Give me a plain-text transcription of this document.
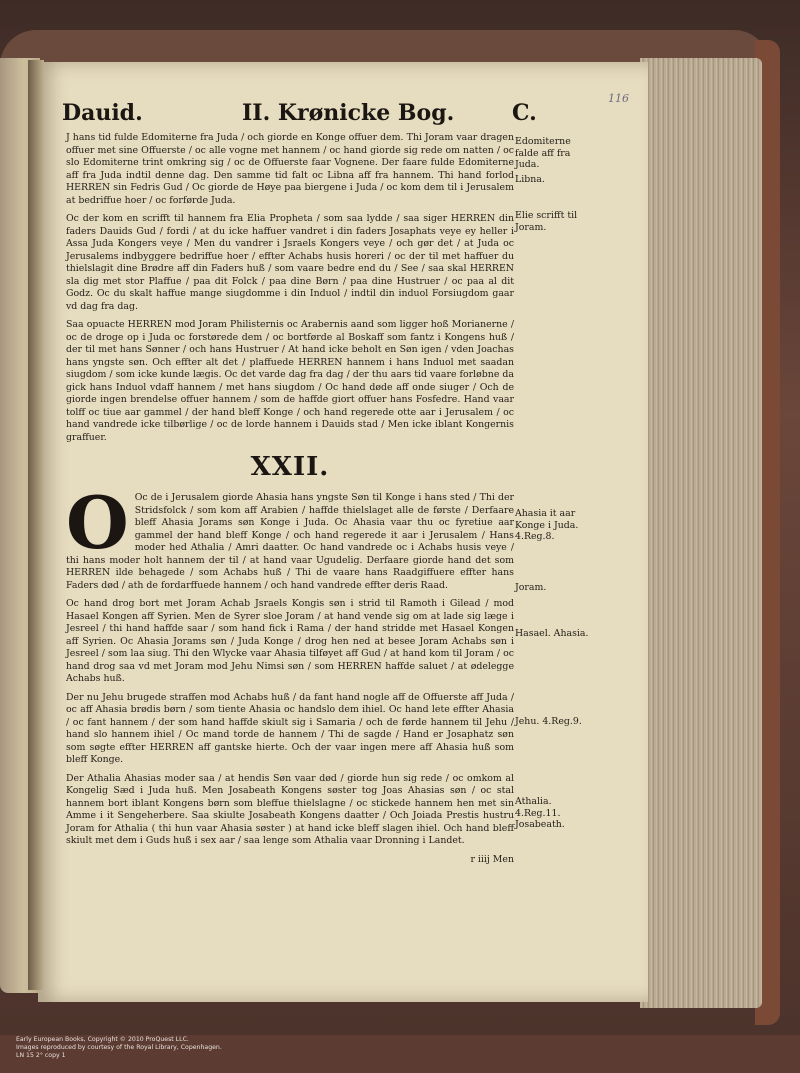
Dauid.	II. Krønicke Bog.	C.
116

J hans tid fulde Edomiterne fra Juda / och giorde en Konge offuer dem. Thi Joram vaar dragen offuer met sine Offuerste / oc alle vogne met hannem / oc hand giorde sig rede om natten / oc slo Edomiterne trint omkring sig / oc de Offuerste faar Vognene. Der faare fulde Edomiterne aff fra Juda indtil denne dag. Den samme tid falt oc Libna aff fra hannem. Thi hand forlod HERREN sin Fedris Gud / Oc giorde de Høye paa biergene i Juda / oc kom dem til i Jerusalem at bedriffue hoer / oc forførde Juda.

Oc der kom en scrifft til hannem fra Elia Propheta / som saa lydde / saa siger HERREN din faders Dauids Gud / fordi / at du icke haffuer vandret i din faders Josaphats veye ey heller i Assa Juda Kongers veye / Men du vandrer i Jsraels Kongers veye / och gør det / at Juda oc Jerusalems indbyggere bedriffue hoer / effter Achabs husis horeri / oc der til met haffuer du thielslagit dine Brødre aff din Faders huß / som vaare bedre end du / See / saa skal HERREN sla dig met stor Plaffue / paa dit Folck / paa dine Børn / paa dine Hustruer / oc paa al dit Godz. Oc du skalt haffue mange siugdomme i din Induol / indtil din induol Forsiugdom gaar vd dag fra dag.

Saa opuacte HERREN mod Joram Philisternis oc Arabernis aand som ligger hoß Morianerne / oc de droge op i Juda oc forstørede dem / oc bortførde al Boskaff som fantz i Kongens huß / der til met hans Sønner / och hans Hustruer / At hand icke beholt en Søn igen / vden Joachas hans yngste søn. Och effter alt det / plaffuede HERREN hannem i hans Induol met saadan siugdom / som icke kunde lægis. Oc det varde dag fra dag / der thu aars tid vaare forløbne da gick hans Induol vdaff hannem / met hans siugdom / Oc hand døde aff onde siuger / Och de giorde ingen brendelse offuer hannem / som de haffde giort offuer hans Fosfedre. Hand vaar tolff oc tiue aar gammel / der hand bleff Konge / och hand regerede otte aar i Jerusalem / oc hand vandrede icke tilbørlige / oc de lorde hannem i Dauids stad / Men icke iblant Kongernis graffuer.

XXII.

O Oc de i Jerusalem giorde Ahasia hans yngste Søn til Konge i hans sted / Thi der Stridsfolck / som kom aff Arabien / haffde thielslaget alle de første / Derfaare bleff Ahasia Jorams søn Konge i Juda. Oc Ahasia vaar thu oc fyretiue aar gammel der hand bleff Konge / och hand regerede it aar i Jerusalem / Hans moder hed Athalia / Amri daatter. Oc hand vandrede oc i Achabs husis veye / thi hans moder holt hannem der til / at hand vaar Ugudelig. Derfaare giorde hand det som HERREN ilde behagede / som Achabs huß / Thi de vaare hans Raadgiffuere effter hans Faders død / ath de fordarffuede hannem / och hand vandrede effter deris Raad.

Oc hand drog bort met Joram Achab Jsraels Kongis søn i strid til Ramoth i Gilead / mod Hasael Kongen aff Syrien. Men de Syrer sloe Joram / at hand vende sig om at lade sig læge i Jesreel / thi hand haffde saar / som hand fick i Rama / der hand stridde met Hasael Kongen aff Syrien. Oc Ahasia Jorams søn / Juda Konge / drog hen ned at besee Joram Achabs søn i Jesreel / som laa siug. Thi den Wlycke vaar Ahasia tilføyet aff Gud / at hand kom til Joram / oc hand drog saa vd met Joram mod Jehu Nimsi søn / som HERREN haffde saluet / at ødelegge Achabs huß.

Der nu Jehu brugede straffen mod Achabs huß / da fant hand nogle aff de Offuerste aff Juda / oc aff Ahasia brødis børn / som tiente Ahasia oc handslo dem ihiel. Oc hand lete effter Ahasia / oc fant hannem / der som hand haffde skiult sig i Samaria / och de førde hannem til Jehu / hand slo hannem ihiel / Oc mand torde de hannem / Thi de sagde / Hand er Josaphatz søn som søgte effter HERREN aff gantske hierte. Och der vaar ingen mere aff Ahasia huß som bleff Konge.

Der Athalia Ahasias moder saa / at hendis Søn vaar død / giorde hun sig rede / oc omkom al Kongelig Sæd i Juda huß. Men Josabeath Kongens søster tog Joas Ahasias søn / oc stal hannem bort iblant Kongens børn som bleffue thielslagne / oc stickede hannem hen met sin Amme i it Sengeherbere. Saa skiulte Josabeath Kongens daatter / Och Joiada Prestis hustru Joram for Athalia ( thi hun vaar Ahasia søster ) at hand icke bleff slagen ihiel. Och hand bleff skiult met dem i Guds huß i sex aar / saa lenge som Athalia vaar Dronning i Landet.

r iiij Men
Edomiterne falde aff fra Juda.
Libna.
Elie scrifft til Joram.
Ahasia it aar Konge i Juda. 4.Reg.8.
Joram.
Hasael. Ahasia.
Jehu. 4.Reg.9.
Athalia. 4.Reg.11. Josabeath.
Early European Books, Copyright © 2010 ProQuest LLC.
Images reproduced by courtesy of the Royal Library, Copenhagen.
LN 15 2° copy 1
